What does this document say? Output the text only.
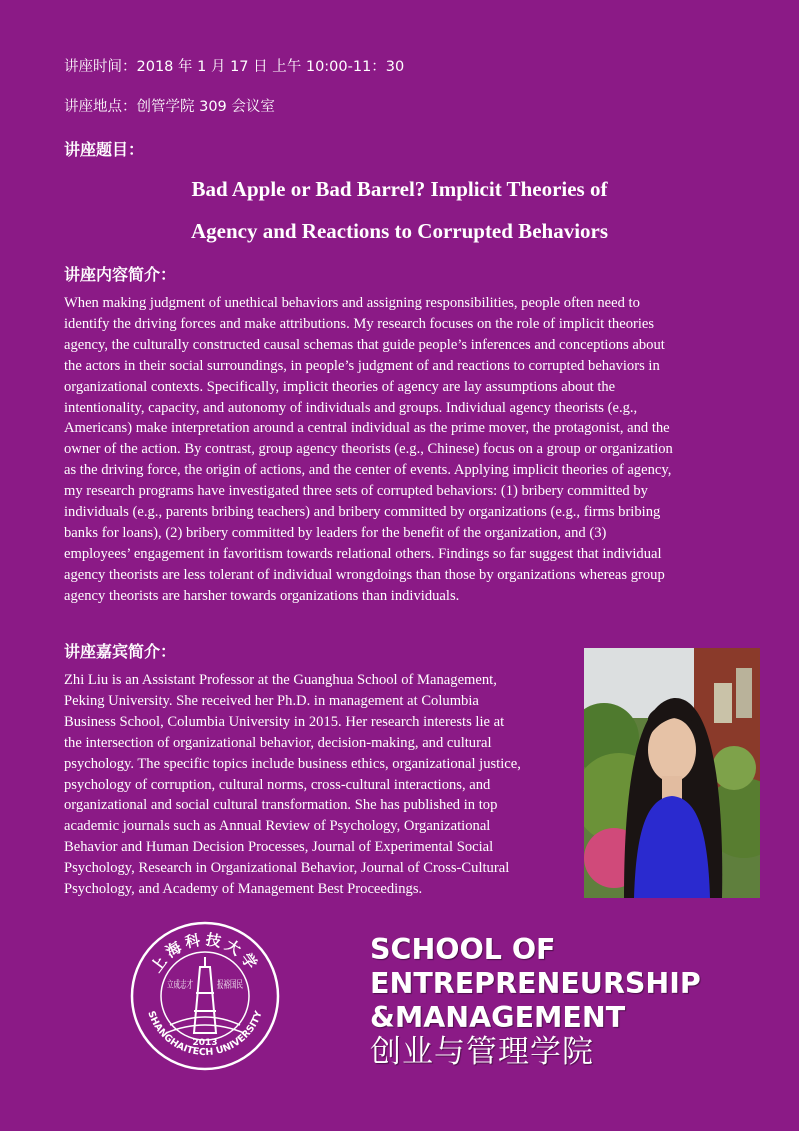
讲座时间：2018 年 1 月 17 日 上午 10:00-11：30
讲座地点：创管学院 309 会议室
讲座题目：
Bad Apple or Bad Barrel? Implicit Theories of
Agency and Reactions to Corrupted Behaviors
讲座内容简介：

When making judgment of unethical behaviors and assigning responsibilities, people often need to
identify the driving forces and make attributions. My research focuses on the role of implicit theories
agency, the culturally constructed causal schemas that guide people’s inferences and conceptions about
the actors in their social surroundings, in people’s judgment of and reactions to corrupted behaviors in
organizational contexts. Specifically, implicit theories of agency are lay assumptions about the
intentionality, capacity, and autonomy of individuals and groups. Individual agency theorists (e.g.,
Americans) make interpretation around a central individual as the prime mover, the protagonist, and the
owner of the action. By contrast, group agency theorists (e.g., Chinese) focus on a group or organization
as the driving force, the origin of actions, and the center of events. Applying implicit theories of agency,
my research programs have investigated three sets of corrupted behaviors: (1) bribery committed by
individuals (e.g., parents bribing teachers) and bribery committed by organizations (e.g., firms bribing
banks for loans), (2) bribery committed by leaders for the benefit of the organization, and (3)
employees’ engagement in favoritism towards relational others. Findings so far suggest that individual
agency theorists are less tolerant of individual wrongdoings than those by organizations whereas group
agency theorists are harsher towards organizations than individuals.

讲座嘉宾简介：

Zhi Liu is an Assistant Professor at the Guanghua School of Management,
Peking University. She received her Ph.D. in management at Columbia
Business School, Columbia University in 2015. Her research interests lie at
the intersection of organizational behavior, decision-making, and cultural
psychology. The specific topics include business ethics, organizational justice,
psychology of corruption, cultural norms, cross-cultural interactions, and
organizational and social cultural transformation. She has published in top
academic journals such as Annual Review of Psychology, Organizational
Behavior and Human Decision Processes, Journal of Experimental Social
Psychology, Research in Organizational Behavior, Journal of Cross-Cultural
Psychology, and Academy of Management Best Proceedings.

上海科技大学
SHANGHAITECH UNIVERSITY
立成志才 报裕国民
2013
SCHOOL OF
ENTREPRENEURSHIP
&MANAGEMENT
创业与管理学院
